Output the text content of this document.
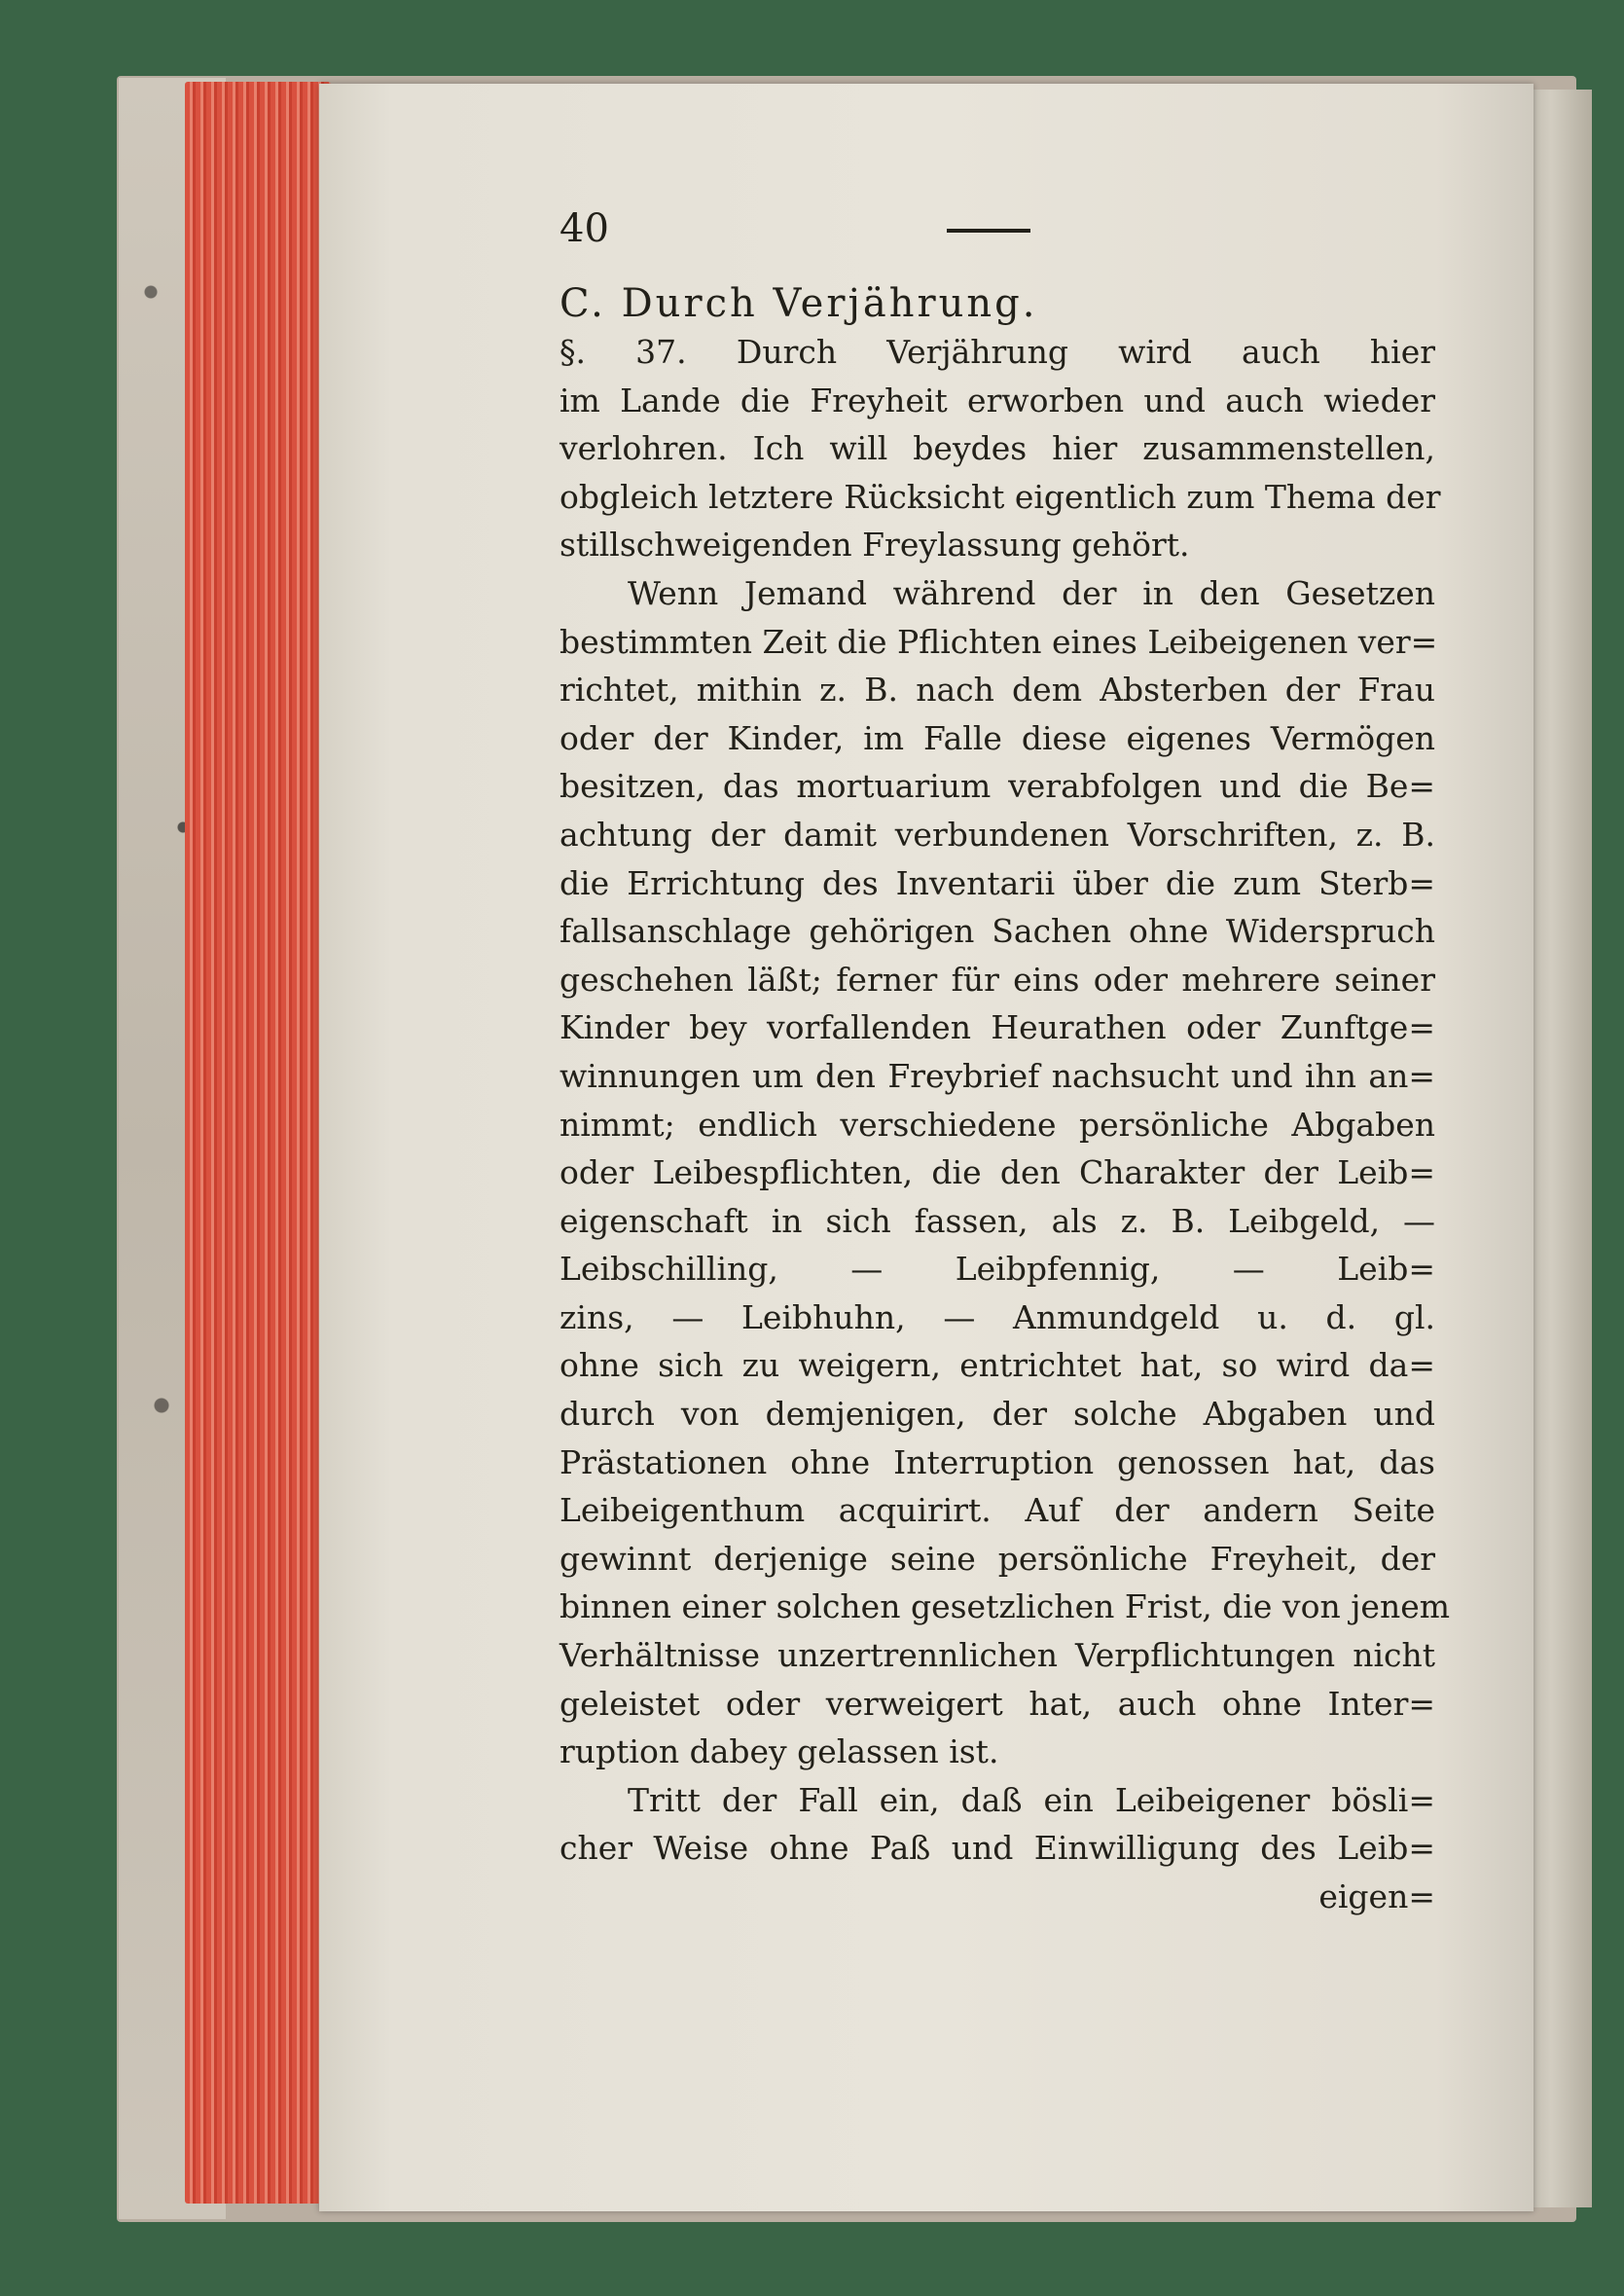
40
C. Durch Verjährung.
§. 37. Durch Verjährung wird auch hier
im Lande die Freyheit erworben und auch wieder
verlohren. Ich will beydes hier zusammenstellen,
obgleich letztere Rücksicht eigentlich zum Thema der
stillschweigenden Freylassung gehört.
Wenn Jemand während der in den Gesetzen
bestimmten Zeit die Pflichten eines Leibeigenen ver=
richtet, mithin z. B. nach dem Absterben der Frau
oder der Kinder, im Falle diese eigenes Vermögen
besitzen, das mortuarium verabfolgen und die Be=
achtung der damit verbundenen Vorschriften, z. B.
die Errichtung des Inventarii über die zum Sterb=
fallsanschlage gehörigen Sachen ohne Widerspruch
geschehen läßt; ferner für eins oder mehrere seiner
Kinder bey vorfallenden Heurathen oder Zunftge=
winnungen um den Freybrief nachsucht und ihn an=
nimmt; endlich verschiedene persönliche Abgaben
oder Leibespflichten, die den Charakter der Leib=
eigenschaft in sich fassen, als z. B. Leibgeld, —
Leibschilling, — Leibpfennig, — Leib=
zins, — Leibhuhn, — Anmundgeld u. d. gl.
ohne sich zu weigern, entrichtet hat, so wird da=
durch von demjenigen, der solche Abgaben und
Prästationen ohne Interruption genossen hat, das
Leibeigenthum acquirirt. Auf der andern Seite
gewinnt derjenige seine persönliche Freyheit, der
binnen einer solchen gesetzlichen Frist, die von jenem
Verhältnisse unzertrennlichen Verpflichtungen nicht
geleistet oder verweigert hat, auch ohne Inter=
ruption dabey gelassen ist.
Tritt der Fall ein, daß ein Leibeigener bösli=
cher Weise ohne Paß und Einwilligung des Leib=
eigen=
